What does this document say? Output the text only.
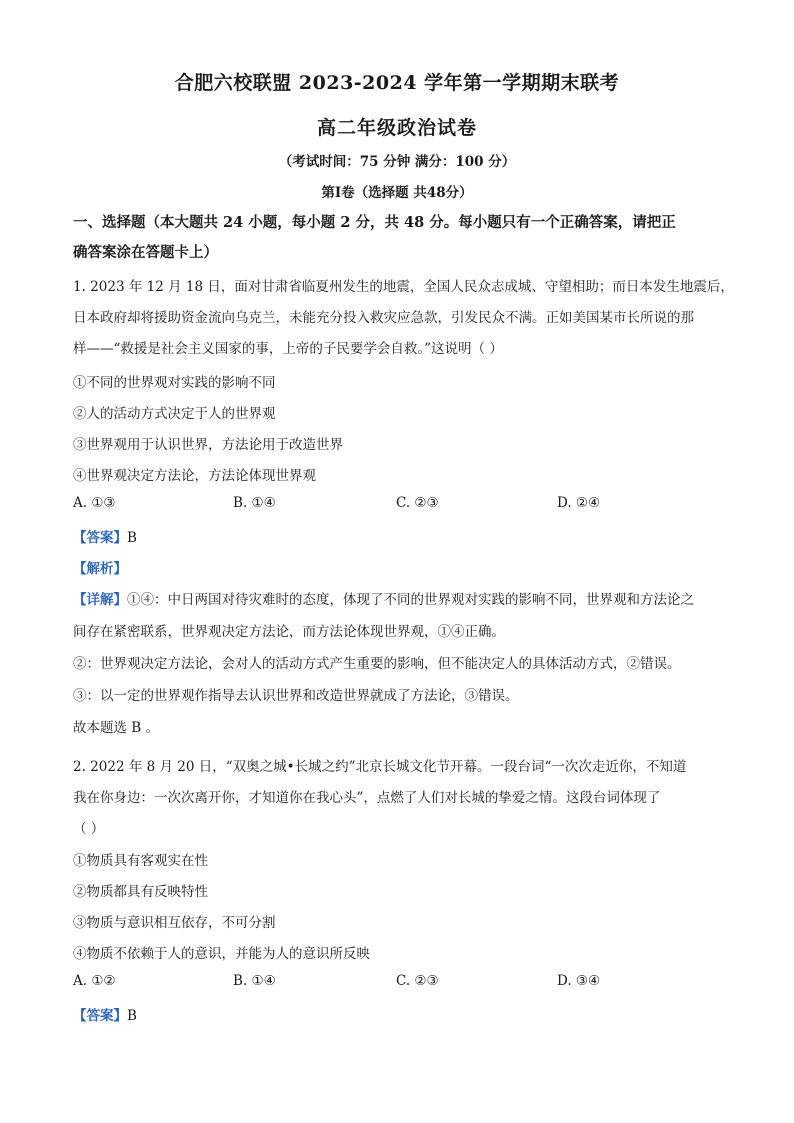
合肥六校联盟 2023-2024 学年第一学期期末联考
高二年级政治试卷
（考试时间：75 分钟 满分：100 分）
第Ⅰ卷（选择题 共48分）
一、选择题（本大题共 24 小题，每小题 2 分，共 48 分。每小题只有一个正确答案，请把正
确答案涂在答题卡上）
1. 2023 年 12 月 18 日，面对甘肃省临夏州发生的地震，全国人民众志成城、守望相助；而日本发生地震后，
日本政府却将援助资金流向乌克兰，未能充分投入救灾应急款，引发民众不满。正如美国某市长所说的那
样——“救援是社会主义国家的事，上帝的子民要学会自救。”这说明（ ）
①不同的世界观对实践的影响不同
②人的活动方式决定于人的世界观
③世界观用于认识世界，方法论用于改造世界
④世界观决定方法论，方法论体现世界观
A. ①③	B. ①④	C. ②③	D. ②④
【答案】B
【解析】
【详解】①④：中日两国对待灾难时的态度，体现了不同的世界观对实践的影响不同，世界观和方法论之
间存在紧密联系，世界观决定方法论，而方法论体现世界观，①④正确。
②：世界观决定方法论，会对人的活动方式产生重要的影响，但不能决定人的具体活动方式，②错误。
③：以一定的世界观作指导去认识世界和改造世界就成了方法论，③错误。
故本题选 B 。
2. 2022 年 8 月 20 日，“双奥之城•长城之约”北京长城文化节开幕。一段台词“一次次走近你，不知道
我在你身边：一次次离开你，才知道你在我心头”，点燃了人们对长城的挚爱之情。这段台词体现了
（ ）
①物质具有客观实在性
②物质都具有反映特性
③物质与意识相互依存，不可分割
④物质不依赖于人的意识，并能为人的意识所反映
A. ①②	B. ①④	C. ②③	D. ③④
【答案】B
